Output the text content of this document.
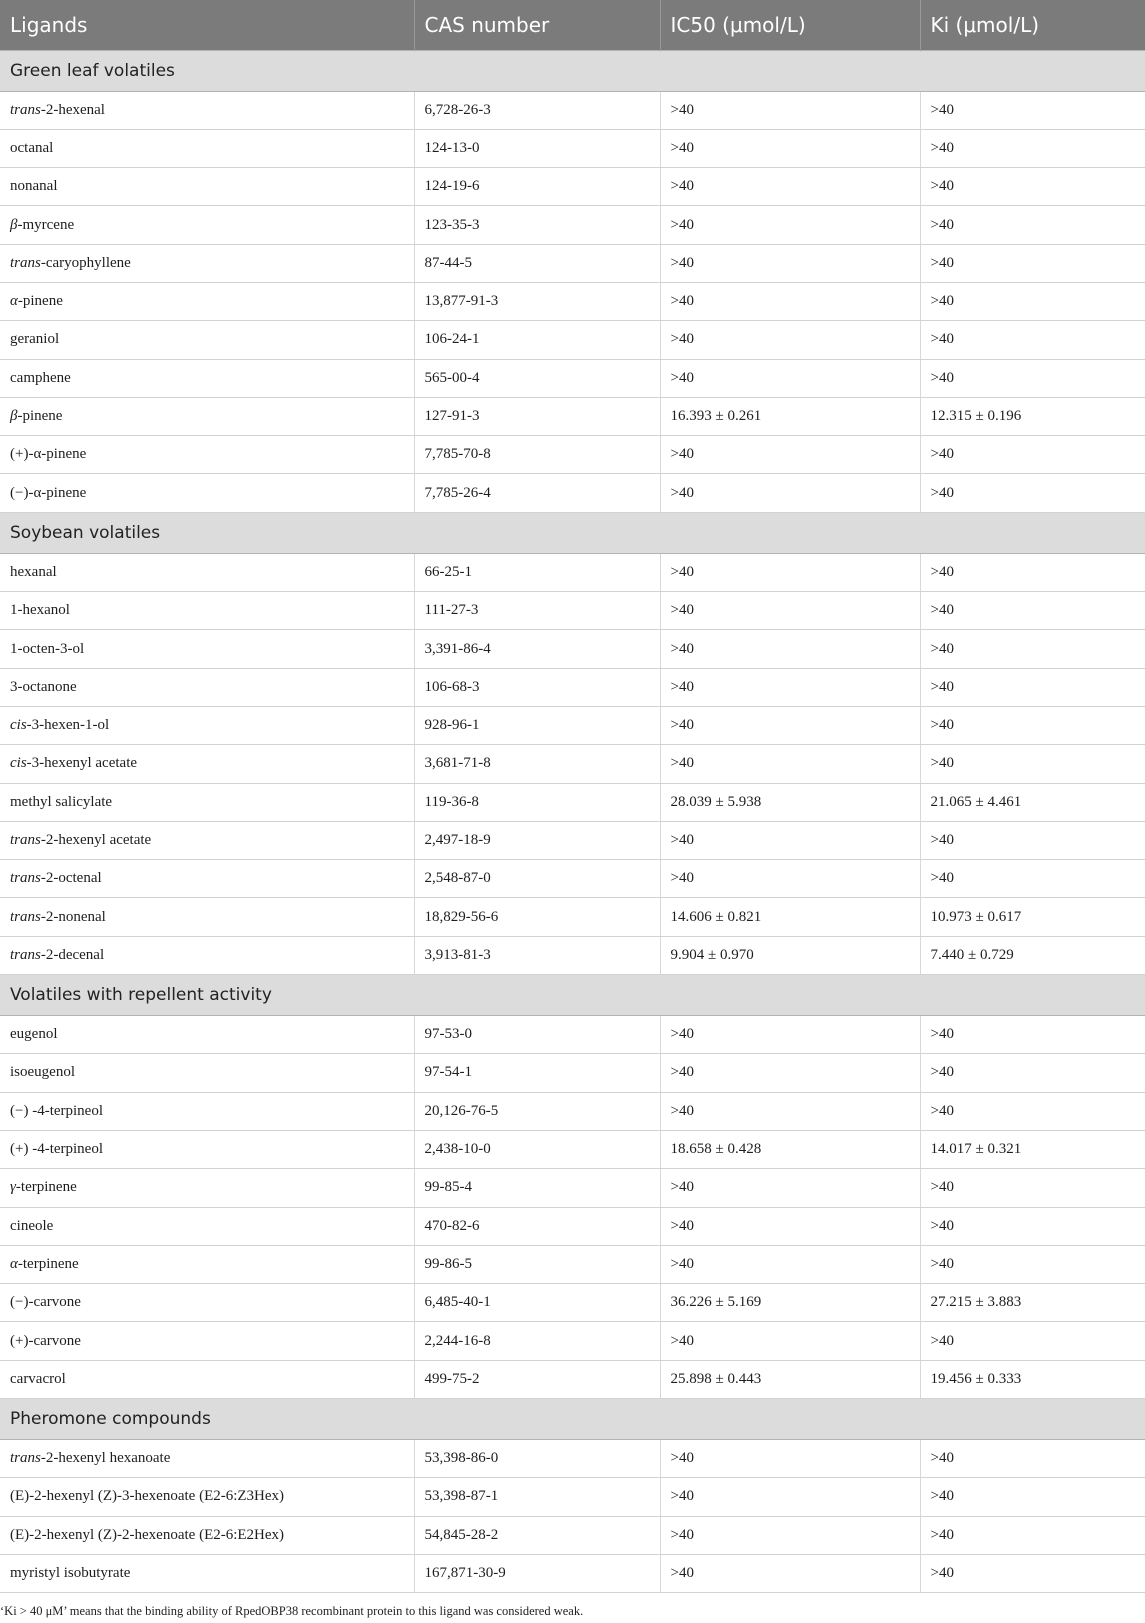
Ligands	CAS number	IC50 (μmol/L)	Ki (μmol/L)
Green leaf volatiles			
trans-2-hexenal	6,728-26-3	>40	>40
octanal	124-13-0	>40	>40
nonanal	124-19-6	>40	>40
β-myrcene	123-35-3	>40	>40
trans-caryophyllene	87-44-5	>40	>40
α-pinene	13,877-91-3	>40	>40
geraniol	106-24-1	>40	>40
camphene	565-00-4	>40	>40
β-pinene	127-91-3	16.393 ± 0.261	12.315 ± 0.196
(+)-α-pinene	7,785-70-8	>40	>40
(−)-α-pinene	7,785-26-4	>40	>40
Soybean volatiles			
hexanal	66-25-1	>40	>40
1-hexanol	111-27-3	>40	>40
1-octen-3-ol	3,391-86-4	>40	>40
3-octanone	106-68-3	>40	>40
cis-3-hexen-1-ol	928-96-1	>40	>40
cis-3-hexenyl acetate	3,681-71-8	>40	>40
methyl salicylate	119-36-8	28.039 ± 5.938	21.065 ± 4.461
trans-2-hexenyl acetate	2,497-18-9	>40	>40
trans-2-octenal	2,548-87-0	>40	>40
trans-2-nonenal	18,829-56-6	14.606 ± 0.821	10.973 ± 0.617
trans-2-decenal	3,913-81-3	9.904 ± 0.970	7.440 ± 0.729
Volatiles with repellent activity			
eugenol	97-53-0	>40	>40
isoeugenol	97-54-1	>40	>40
(−) -4-terpineol	20,126-76-5	>40	>40
(+) -4-terpineol	2,438-10-0	18.658 ± 0.428	14.017 ± 0.321
γ-terpinene	99-85-4	>40	>40
cineole	470-82-6	>40	>40
α-terpinene	99-86-5	>40	>40
(−)-carvone	6,485-40-1	36.226 ± 5.169	27.215 ± 3.883
(+)-carvone	2,244-16-8	>40	>40
carvacrol	499-75-2	25.898 ± 0.443	19.456 ± 0.333
Pheromone compounds			
trans-2-hexenyl hexanoate	53,398-86-0	>40	>40
(E)-2-hexenyl (Z)-3-hexenoate (E2-6:Z3Hex)	53,398-87-1	>40	>40
(E)-2-hexenyl (Z)-2-hexenoate (E2-6:E2Hex)	54,845-28-2	>40	>40
myristyl isobutyrate	167,871-30-9	>40	>40
‘Ki > 40 μM’ means that the binding ability of RpedOBP38 recombinant protein to this ligand was considered weak.
